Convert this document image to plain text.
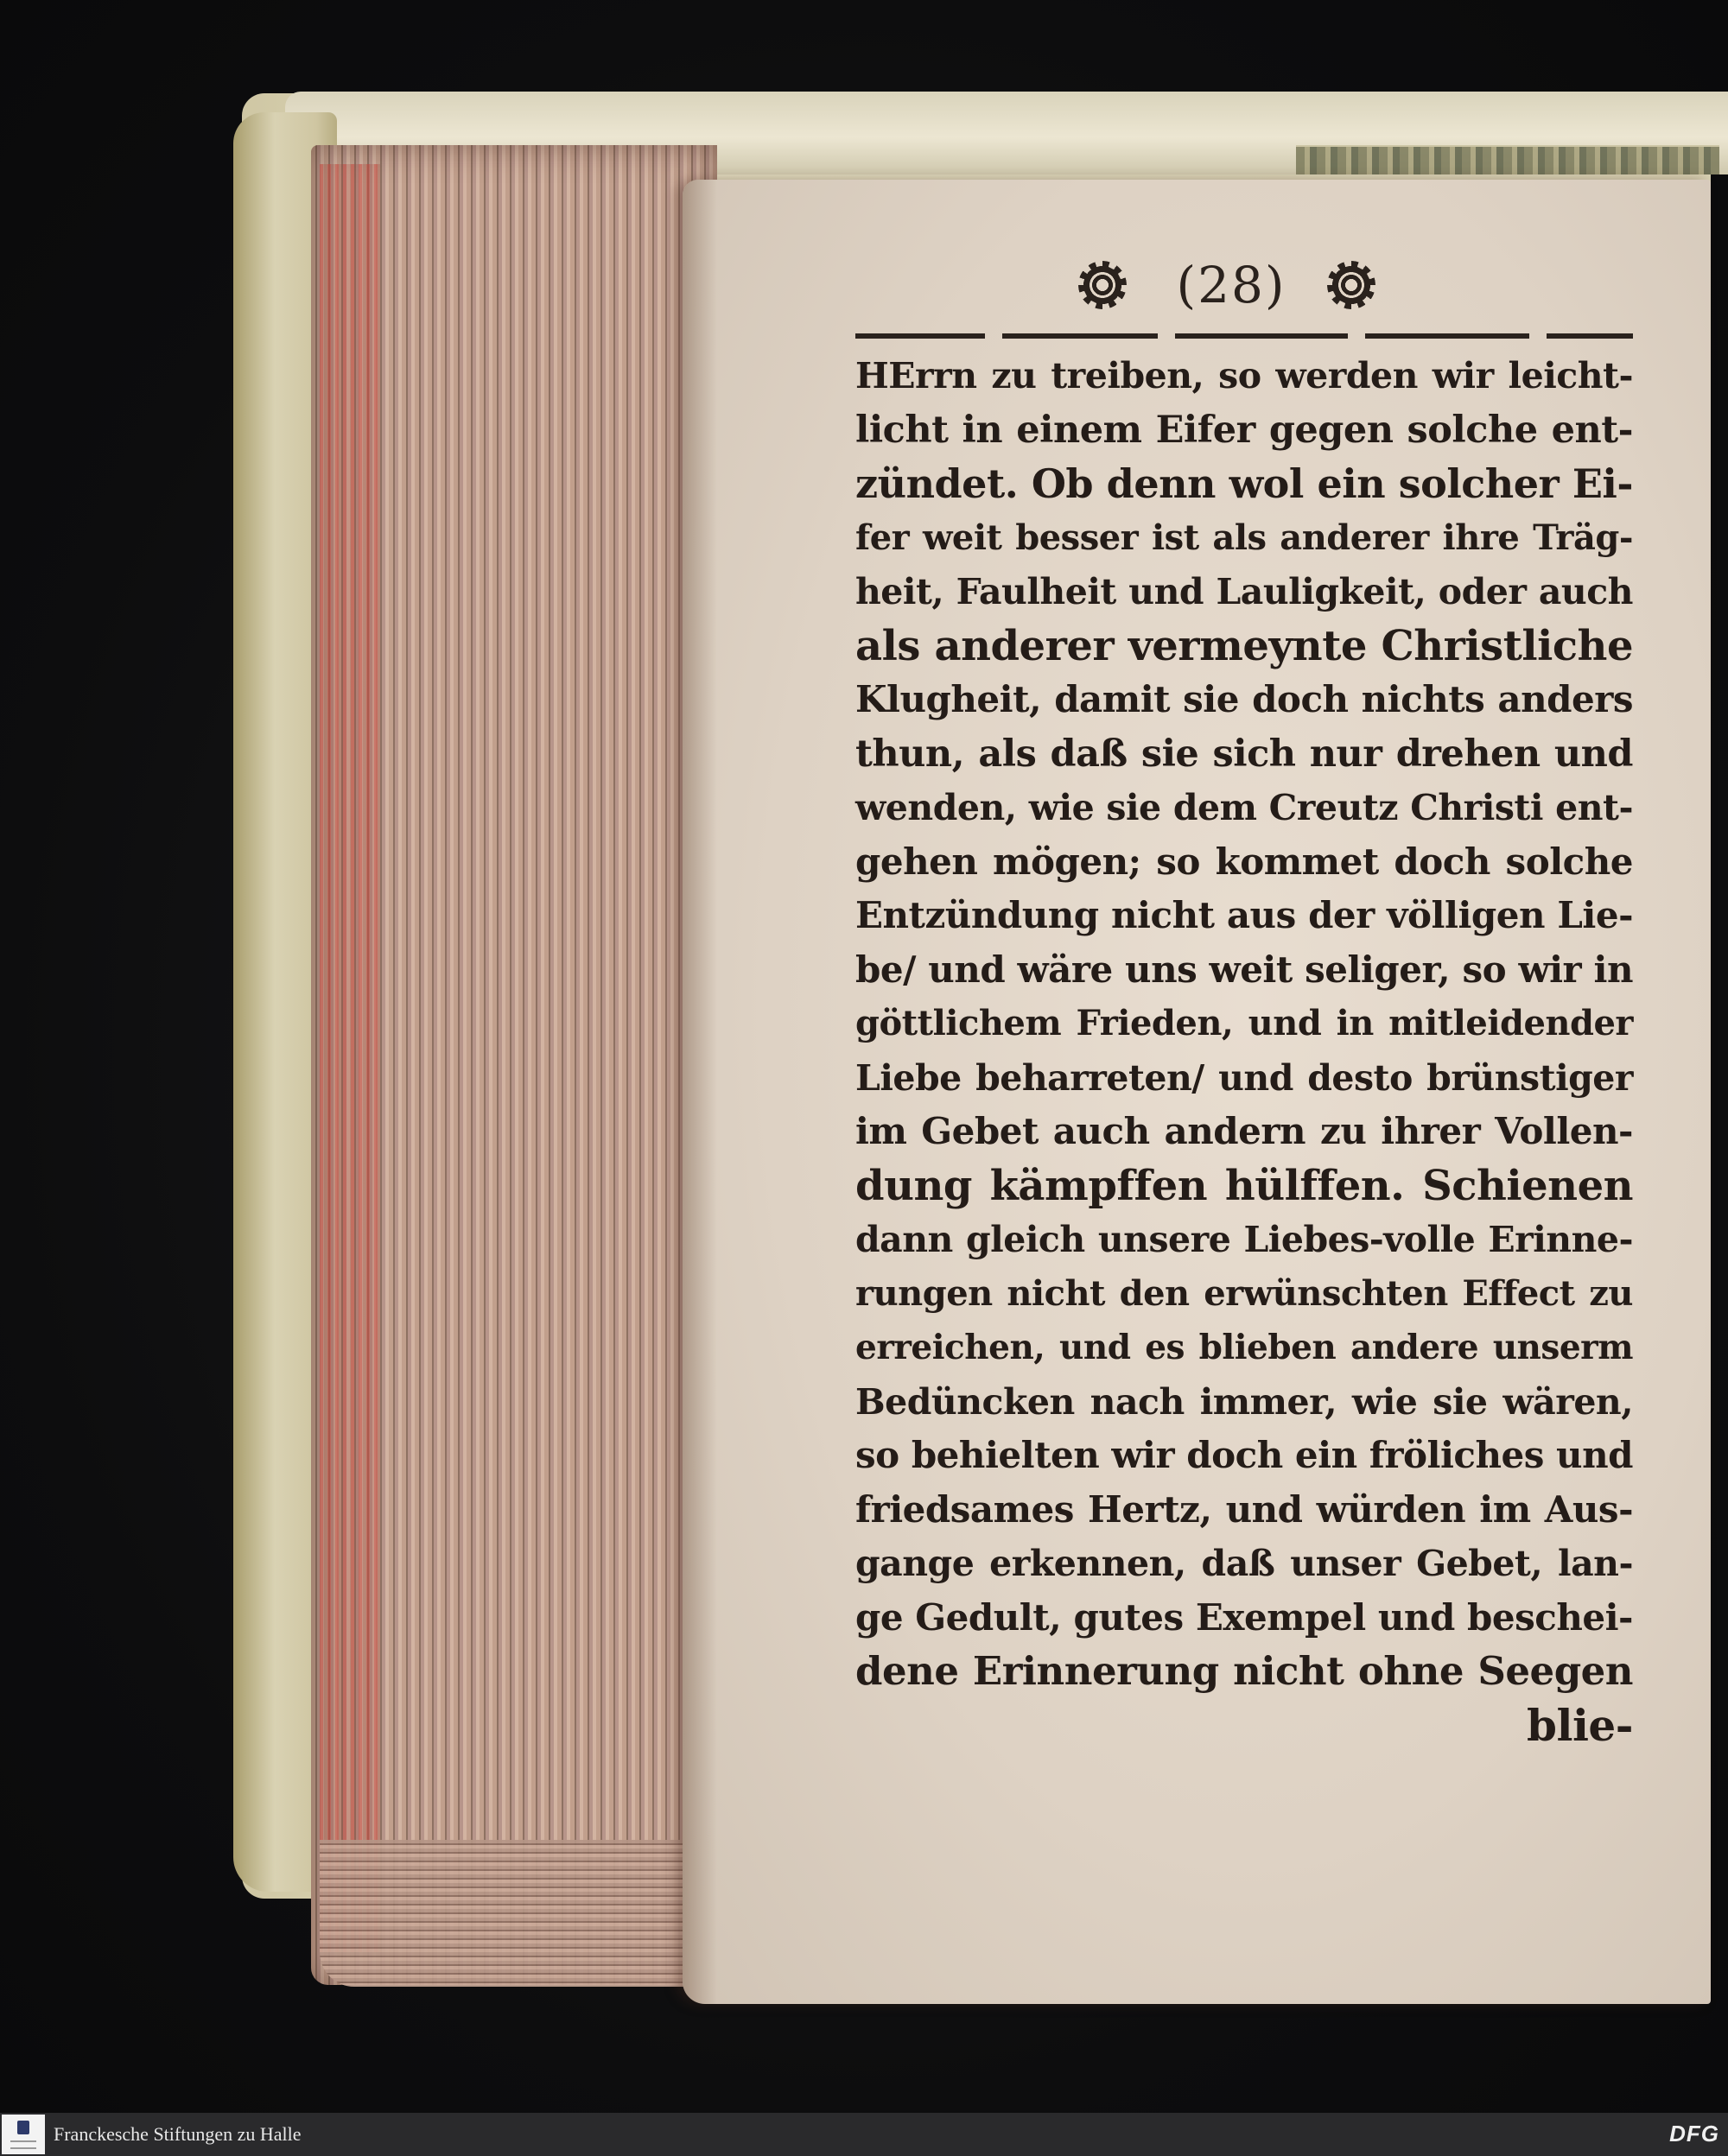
(28)
HErrn zu treiben, so werden wir leicht-
licht in einem Eifer gegen solche ent-
zündet. Ob denn wol ein solcher Ei-
fer weit besser ist als anderer ihre Träg-
heit, Faulheit und Lauligkeit, oder auch
als anderer vermeynte Christliche
Klugheit, damit sie doch nichts anders
thun, als daß sie sich nur drehen und
wenden, wie sie dem Creutz Christi ent-
gehen mögen; so kommet doch solche
Entzündung nicht aus der völligen Lie-
be/ und wäre uns weit seliger, so wir in
göttlichem Frieden, und in mitleidender
Liebe beharreten/ und desto brünstiger
im Gebet auch andern zu ihrer Vollen-
dung kämpffen hülffen. Schienen
dann gleich unsere Liebes-volle Erinne-
rungen nicht den erwünschten Effect zu
erreichen, und es blieben andere unserm
Bedüncken nach immer, wie sie wären,
so behielten wir doch ein fröliches und
friedsames Hertz, und würden im Aus-
gange erkennen, daß unser Gebet, lan-
ge Gedult, gutes Exempel und beschei-
dene Erinnerung nicht ohne Seegen
blie-
Franckesche Stiftungen zu Halle	DFG
